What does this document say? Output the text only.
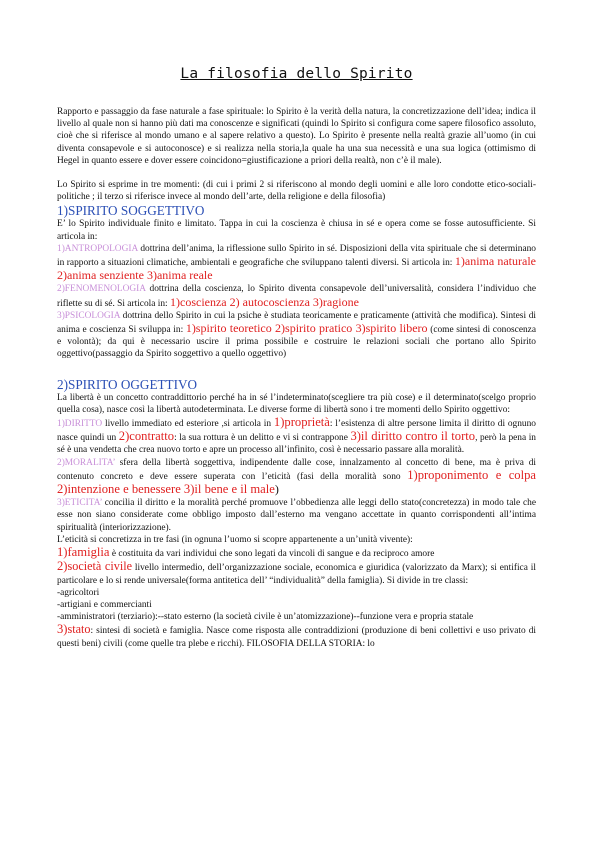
La filosofia dello Spirito

Rapporto e passaggio da fase naturale a fase spirituale: lo Spirito è la verità della natura, la concretizzazione dell’idea; indica il livello al quale non si hanno più dati ma conoscenze e significati (quindi lo Spirito si configura come sapere filosofico assoluto, cioè che si riferisce al mondo umano e al sapere relativo a questo). Lo Spirito è presente nella realtà grazie all’uomo (in cui diventa consapevole e si autoconosce) e si realizza nella storia,la quale ha una sua necessità e una sua logica (ottimismo di Hegel in quanto essere e dover essere coincidono=giustificazione a priori della realtà, non c’è il male).

Lo Spirito si esprime in tre momenti: (di cui i primi 2 si riferiscono al mondo degli uomini e alle loro condotte etico-sociali-politiche ; il terzo si riferisce invece al mondo dell’arte, della religione e della filosofia)

1)SPIRITO SOGGETTIVO

E’ lo Spirito individuale finito e limitato. Tappa in cui la coscienza è chiusa in sé e opera come se fosse autosufficiente. Si articola in:

1)ANTROPOLOGIA dottrina dell’anima, la riflessione sullo Spirito in sé. Disposizioni della vita spirituale che si determinano in rapporto a situazioni climatiche, ambientali e geografiche che sviluppano talenti diversi. Si articola in: 1)anima naturale 2)anima senziente 3)anima reale

2)FENOMENOLOGIA dottrina della coscienza, lo Spirito diventa consapevole dell’universalità, considera l’individuo che riflette su di sé. Si articola in: 1)coscienza 2) autocoscienza 3)ragione

3)PSICOLOGIA dottrina dello Spirito in cui la psiche è studiata teoricamente e praticamente (attività che modifica). Sintesi di anima e coscienza Si sviluppa in: 1)spirito teoretico 2)spirito pratico 3)spirito libero (come sintesi di conoscenza e volontà); da qui è necessario uscire il prima possibile e costruire le relazioni sociali che portano allo Spirito oggettivo(passaggio da Spirito soggettivo a quello oggettivo)

2)SPIRITO OGGETTIVO

La libertà è un concetto contraddittorio perché ha in sé l’indeterminato(scegliere tra più cose) e il determinato(scelgo proprio quella cosa), nasce così la libertà autodeterminata. Le diverse forme di libertà sono i tre momenti dello Spirito oggettivo:

1)DIRITTO livello immediato ed esteriore ,si articola in 1)proprietà: l’esistenza di altre persone limita il diritto di ognuno nasce quindi un 2)contratto: la sua rottura è un delitto e vi si contrappone 3)il diritto contro il torto, però la pena in sé è una vendetta che crea nuovo torto e apre un processo all’infinito, così è necessario passare alla moralità.

2)MORALITA’ sfera della libertà soggettiva, indipendente dalle cose, innalzamento al concetto di bene, ma è priva di contenuto concreto e deve essere superata con l’eticità (fasi della moralità sono 1)proponimento e colpa 2)intenzione e benessere 3)il bene e il male)

3)ETICITA’ concilia il diritto e la moralità perché promuove l’obbedienza alle leggi dello stato(concretezza) in modo tale che esse non siano considerate come obbligo imposto dall’esterno ma vengano accettate in quanto corrispondenti all’intima spiritualità (interiorizzazione).

L’eticità si concretizza in tre fasi (in ognuna l’uomo si scopre appartenente a un’unità vivente):

1)famiglia è costituita da vari individui che sono legati da vincoli di sangue e da reciproco amore

2)società civile livello intermedio, dell’organizzazione sociale, economica e giuridica (valorizzato da Marx); si entifica il particolare e lo si rende universale(forma antitetica dell’ “individualità” della famiglia). Si divide in tre classi:

-agricoltori

-artigiani e commercianti

-amministratori (terziario):--stato esterno (la società civile è un’atomizzazione)--funzione vera e propria statale

3)stato: sintesi di società e famiglia. Nasce come risposta alle contraddizioni (produzione di beni collettivi e uso privato di questi beni) civili (come quelle tra plebe e ricchi). FILOSOFIA DELLA STORIA: lo
